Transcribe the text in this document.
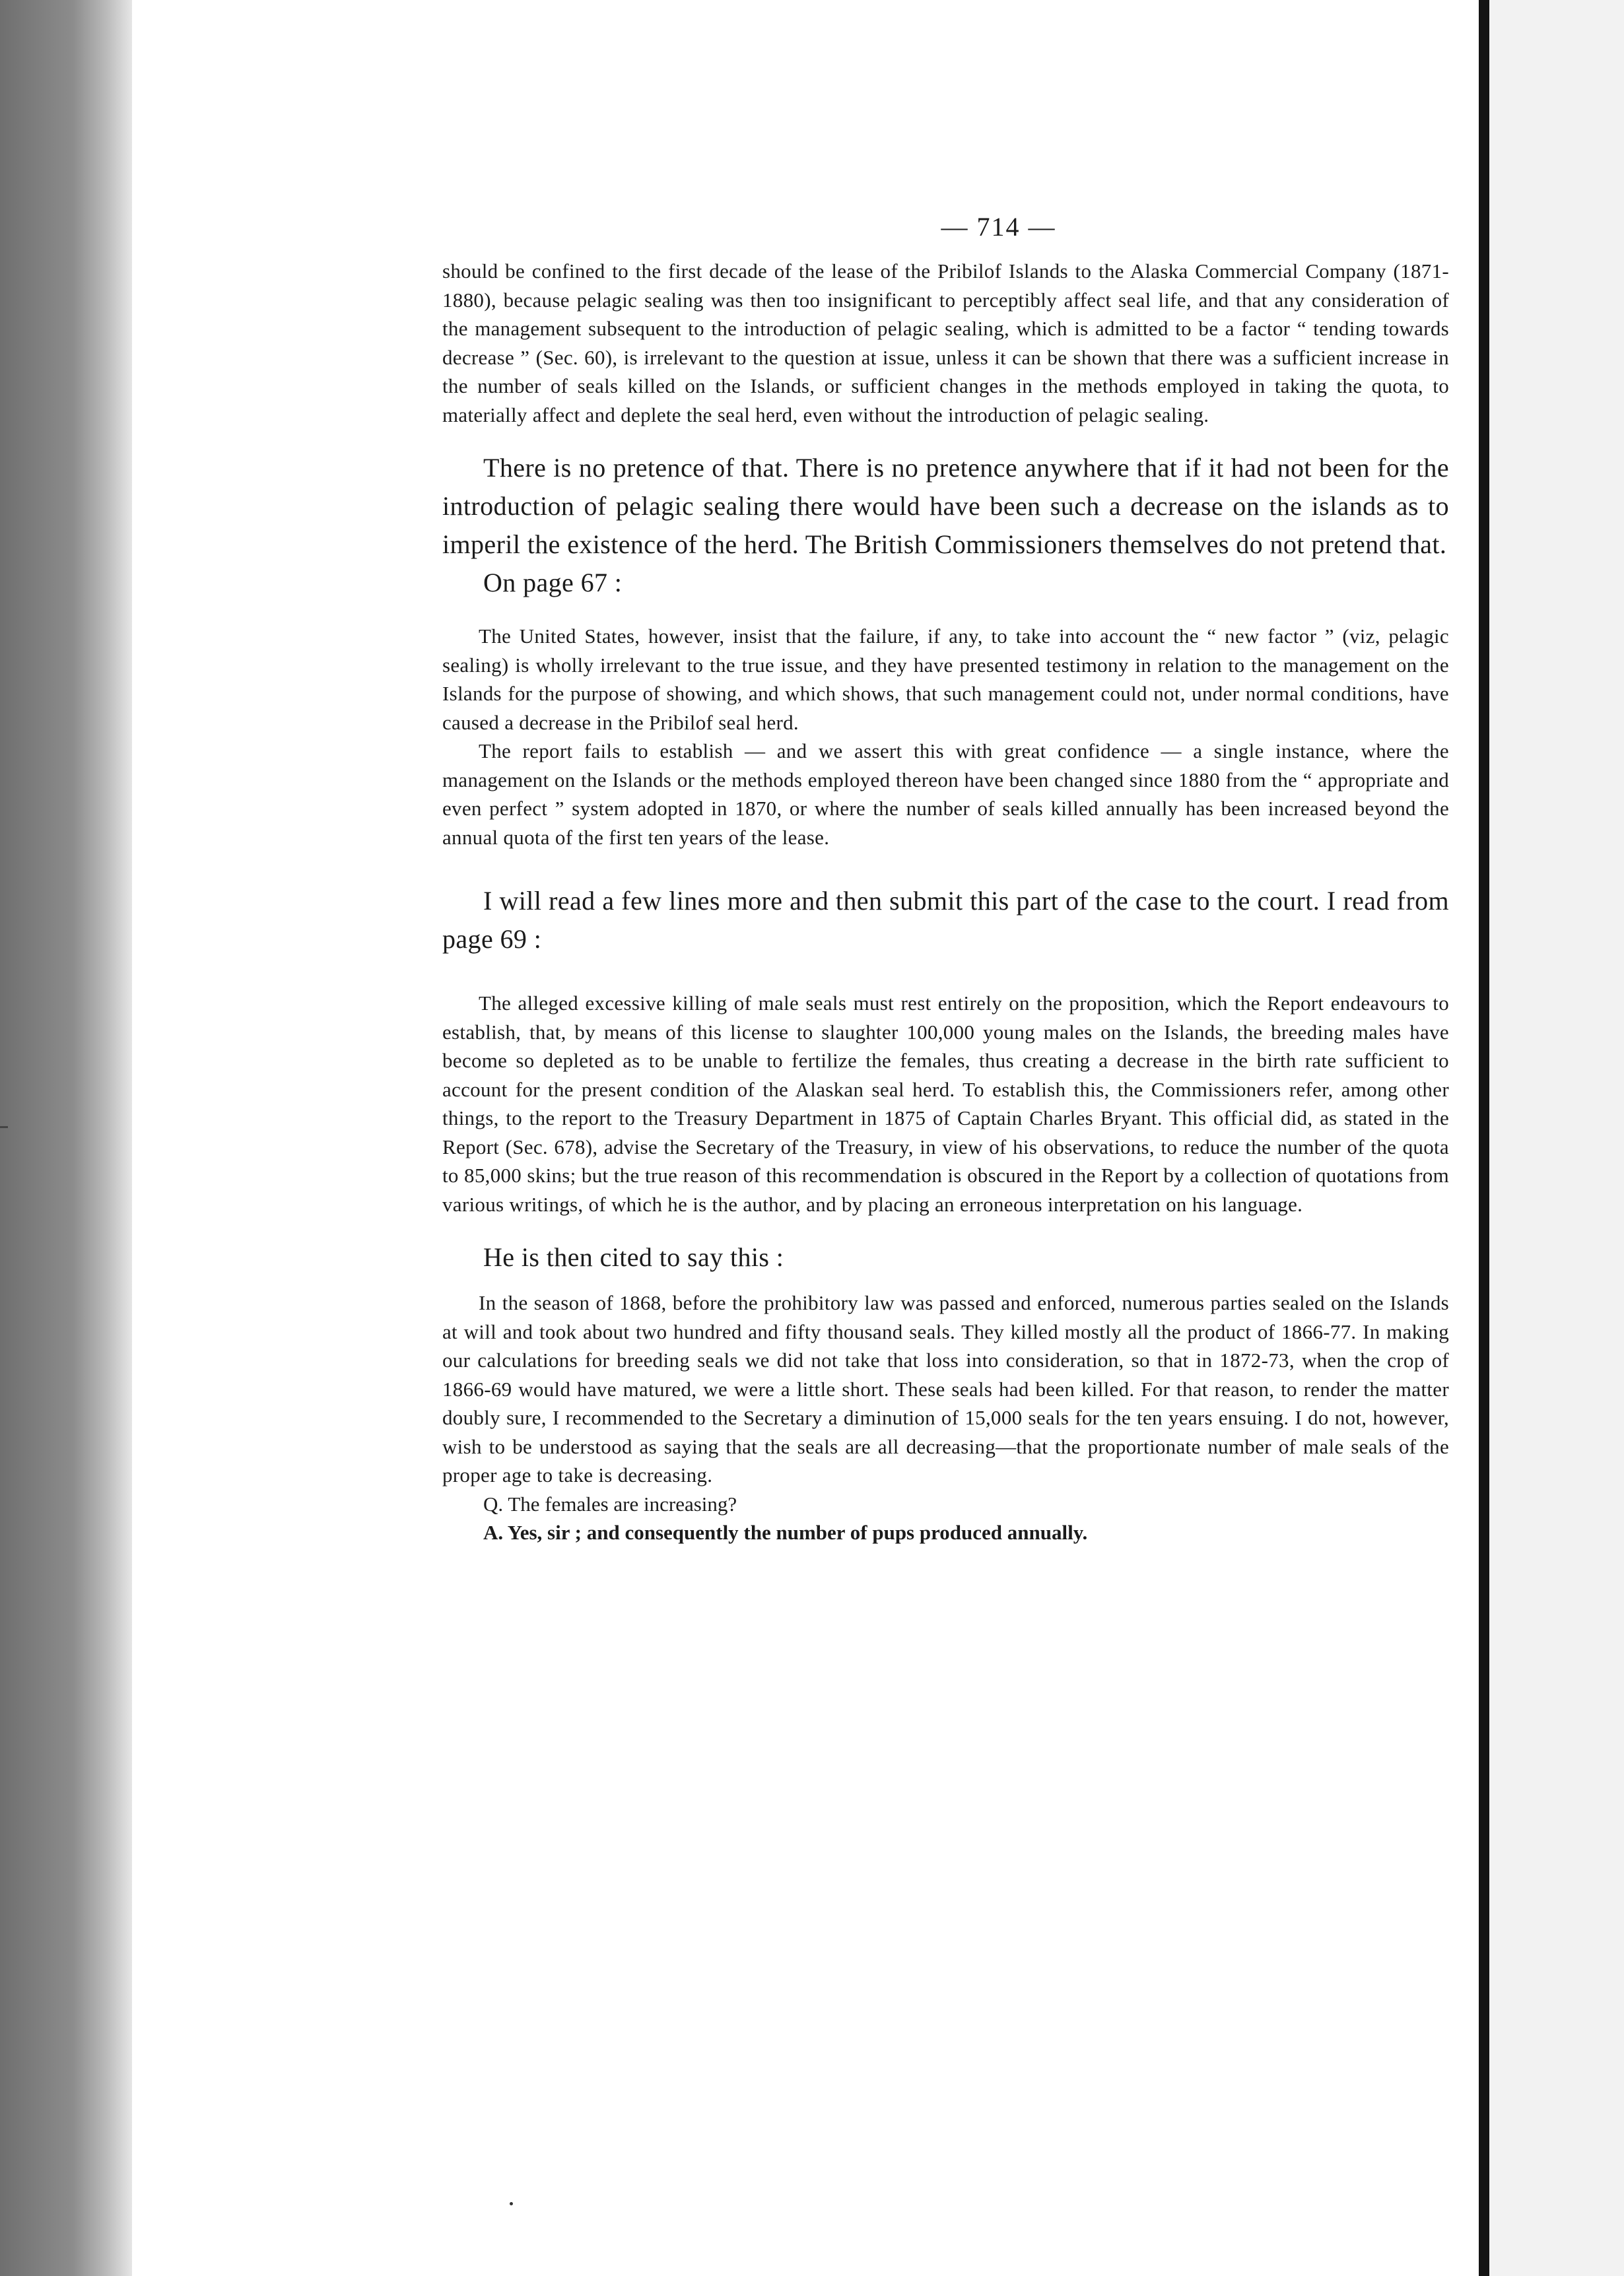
— 714 —

should be confined to the first decade of the lease of the Pribilof Islands to the Alaska Commercial Company (1871-1880), because pelagic sealing was then too insignificant to perceptibly affect seal life, and that any consideration of the management subsequent to the introduction of pelagic sealing, which is admitted to be a factor “ tending towards decrease ” (Sec. 60), is irrelevant to the question at issue, unless it can be shown that there was a sufficient increase in the number of seals killed on the Islands, or sufficient changes in the methods employed in taking the quota, to materially affect and deplete the seal herd, even without the introduction of pelagic sealing.

There is no pretence of that. There is no pretence anywhere that if it had not been for the introduction of pelagic sealing there would have been such a decrease on the islands as to imperil the existence of the herd. The British Commissioners themselves do not pretend that.

On page 67 :

The United States, however, insist that the failure, if any, to take into account the “ new factor ” (viz, pelagic sealing) is wholly irrelevant to the true issue, and they have presented testimony in relation to the management on the Islands for the purpose of showing, and which shows, that such management could not, under normal conditions, have caused a decrease in the Pribilof seal herd.

The report fails to establish — and we assert this with great confidence — a single instance, where the management on the Islands or the methods employed thereon have been changed since 1880 from the “ appropriate and even perfect ” system adopted in 1870, or where the number of seals killed annually has been increased beyond the annual quota of the first ten years of the lease.

I will read a few lines more and then submit this part of the case to the court. I read from page 69 :

The alleged excessive killing of male seals must rest entirely on the proposition, which the Report endeavours to establish, that, by means of this license to slaughter 100,000 young males on the Islands, the breeding males have become so depleted as to be unable to fertilize the females, thus creating a decrease in the birth rate sufficient to account for the present condition of the Alaskan seal herd. To establish this, the Commissioners refer, among other things, to the report to the Treasury Department in 1875 of Captain Charles Bryant. This official did, as stated in the Report (Sec. 678), advise the Secretary of the Treasury, in view of his observations, to reduce the number of the quota to 85,000 skins; but the true reason of this recommendation is obscured in the Report by a collection of quotations from various writings, of which he is the author, and by placing an erroneous interpretation on his language.

He is then cited to say this :

In the season of 1868, before the prohibitory law was passed and enforced, numerous parties sealed on the Islands at will and took about two hundred and fifty thousand seals. They killed mostly all the product of 1866-77. In making our calculations for breeding seals we did not take that loss into consideration, so that in 1872-73, when the crop of 1866-69 would have matured, we were a little short. These seals had been killed. For that reason, to render the matter doubly sure, I recommended to the Secretary a diminution of 15,000 seals for the ten years ensuing. I do not, however, wish to be understood as saying that the seals are all decreasing—that the proportionate number of male seals of the proper age to take is decreasing.

Q. The females are increasing?

A. Yes, sir ; and consequently the number of pups produced annually.
